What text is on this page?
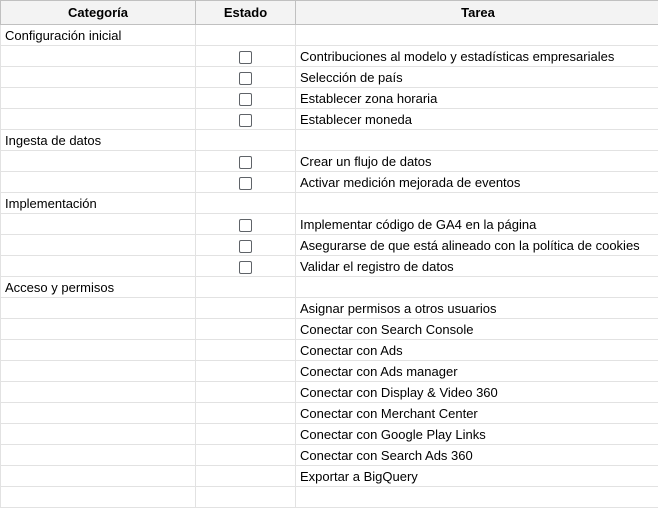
Categoría	Estado	Tarea
Configuración inicial		
		Contribuciones al modelo y estadísticas empresariales
		Selección de país
		Establecer zona horaria
		Establecer moneda
Ingesta de datos		
		Crear un flujo de datos
		Activar medición mejorada de eventos
Implementación		
		Implementar código de GA4 en la página
		Asegurarse de que está alineado con la política de cookies
		Validar el registro de datos
Acceso y permisos		
		Asignar permisos a otros usuarios
		Conectar con Search Console
		Conectar con Ads
		Conectar con Ads manager
		Conectar con Display & Video 360
		Conectar con Merchant Center
		Conectar con Google Play Links
		Conectar con Search Ads 360
		Exportar a BigQuery
